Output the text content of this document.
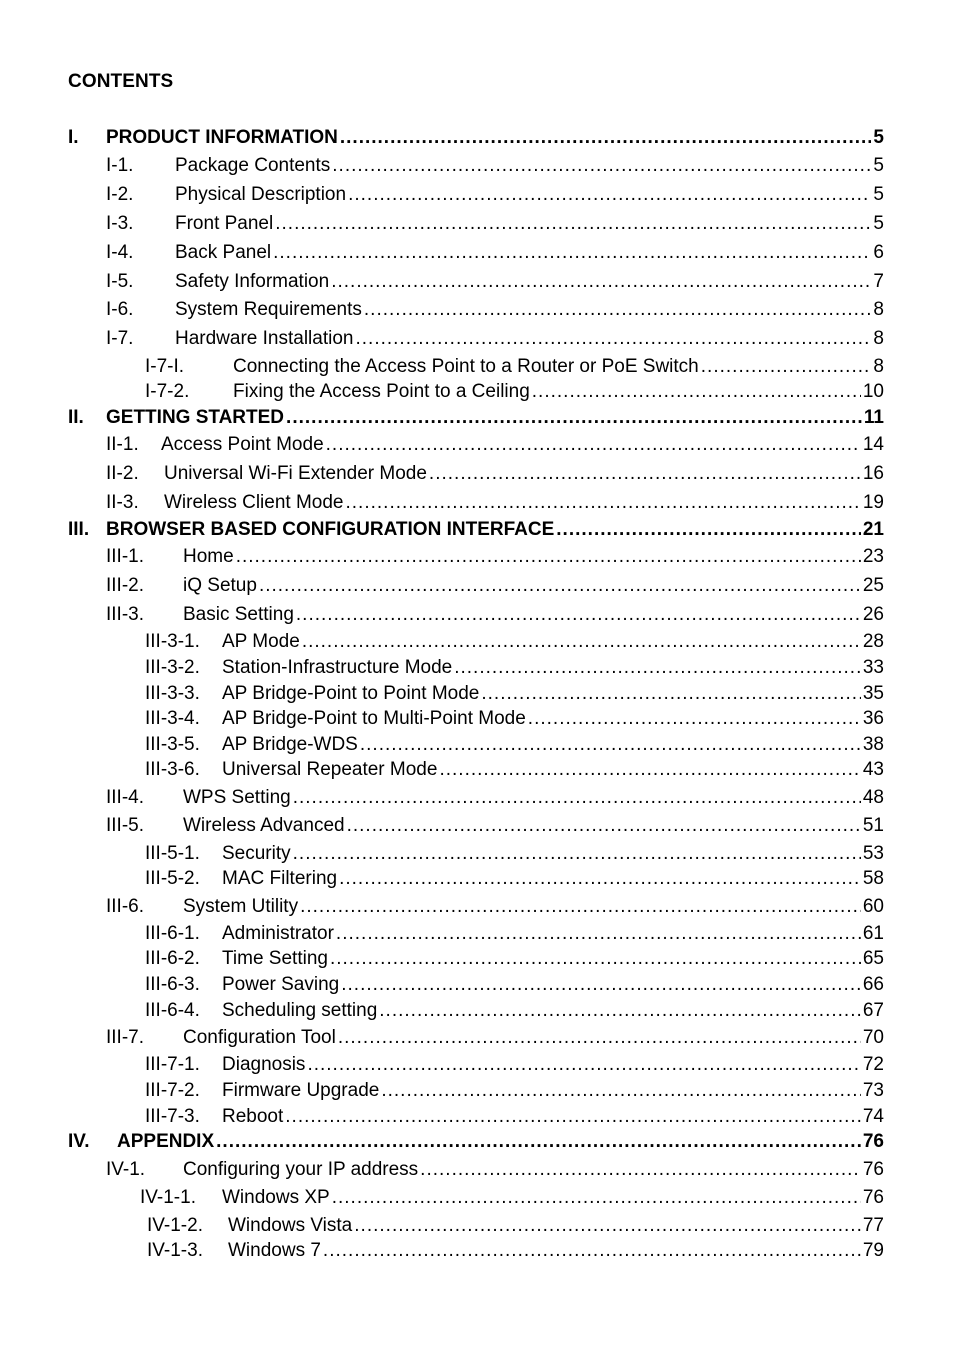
CONTENTS
I.	PRODUCT INFORMATION .....	5
I-1.	Package Contents .....	5
I-2.	Physical Description .....	5
I-3.	Front Panel .....	5
I-4.	Back Panel .....	6
I-5.	Safety Information .....	7
I-6.	System Requirements .....	8
I-7.	Hardware Installation .....	8
I-7-I.	Connecting the Access Point to a Router or PoE Switch .....	8
I-7-2.	Fixing the Access Point to a Ceiling .....	10
II.	GETTING STARTED .....	11
II-1.	Access Point Mode .....	14
II-2.	Universal Wi-Fi Extender Mode .....	16
II-3.	Wireless Client Mode .....	19
III. BROWSER BASED CONFIGURATION INTERFACE .....	21
III-1.	Home .....	23
III-2.	iQ Setup .....	25
III-3.	Basic Setting .....	26
III-3-1.	AP Mode .....	28
III-3-2.	Station-Infrastructure Mode .....	33
III-3-3.	AP Bridge-Point to Point Mode .....	35
III-3-4.	AP Bridge-Point to Multi-Point Mode .....	36
III-3-5.	AP Bridge-WDS .....	38
III-3-6.	Universal Repeater Mode .....	43
III-4.	WPS Setting .....	48
III-5.	Wireless Advanced .....	51
III-5-1.	Security .....	53
III-5-2.	MAC Filtering .....	58
III-6.	System Utility .....	60
III-6-1.	Administrator .....	61
III-6-2.	Time Setting .....	65
III-6-3.	Power Saving .....	66
III-6-4.	Scheduling setting .....	67
III-7.	Configuration Tool .....	70
III-7-1.	Diagnosis .....	72
III-7-2.	Firmware Upgrade .....	73
III-7-3.	Reboot .....	74
IV.	APPENDIX .....	76
IV-1.	Configuring your IP address .....	76
IV-1-1.	Windows XP .....	76
IV-1-2.	Windows Vista .....	77
IV-1-3.	Windows 7 .....	79
